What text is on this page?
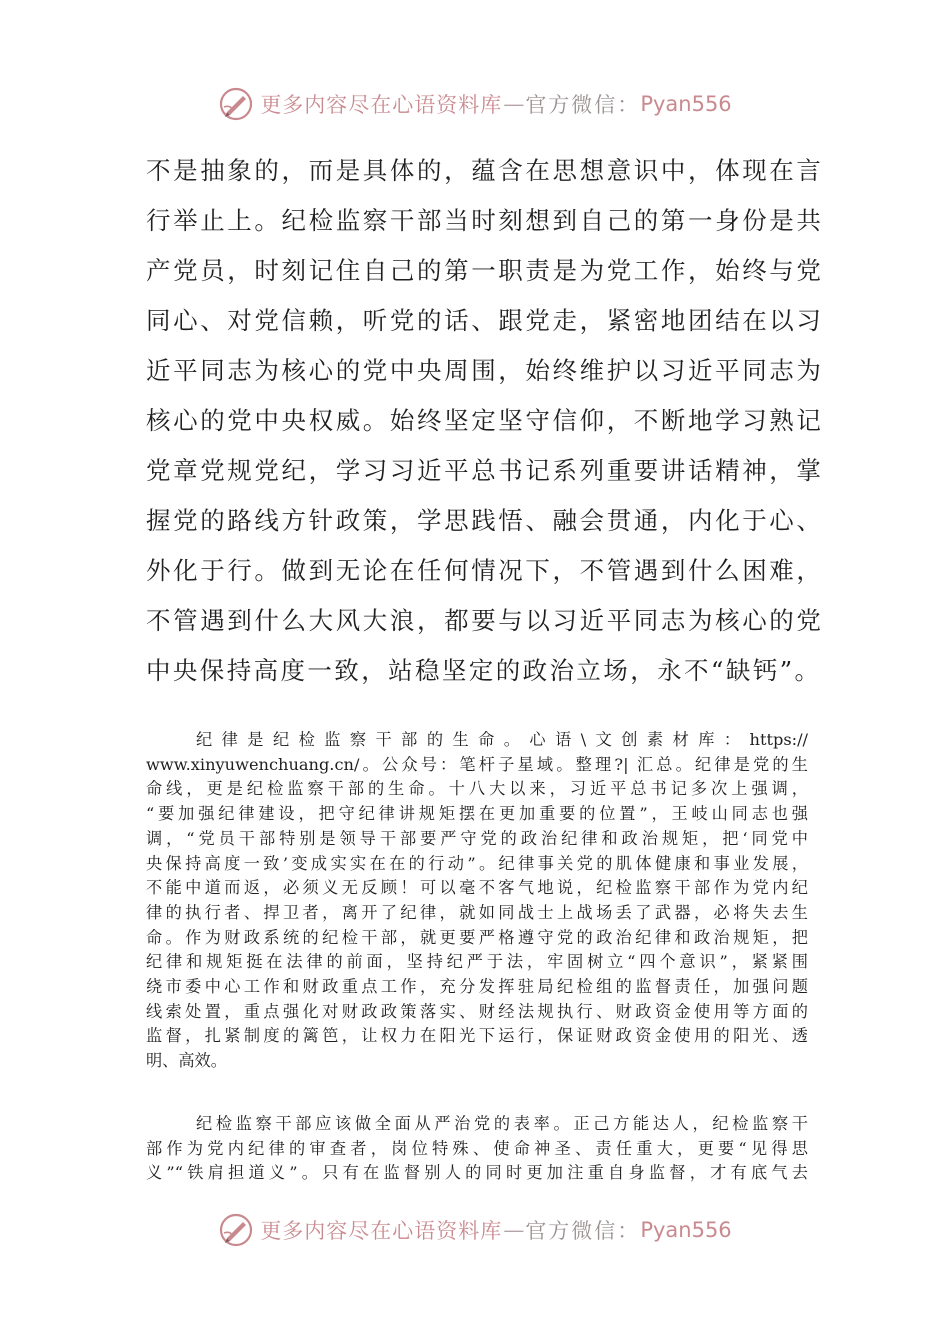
更多内容尽在心语资料库 — 官方微信： Pyan556
不是抽象的，而是具体的，蕴含在思想意识中，体现在言
行举止上。纪检监察干部当时刻想到自己的第一身份是共
产党员，时刻记住自己的第一职责是为党工作，始终与党
同心、对党信赖，听党的话、跟党走，紧密地团结在以习
近平同志为核心的党中央周围，始终维护以习近平同志为
核心的党中央权威。始终坚定坚守信仰，不断地学习熟记
党章党规党纪，学习习近平总书记系列重要讲话精神，掌
握党的路线方针政策，学思践悟、融会贯通，内化于心、
外化于行。做到无论在任何情况下，不管遇到什么困难，
不管遇到什么大风大浪，都要与以习近平同志为核心的党
中央保持高度一致，站稳坚定的政治立场，永不“缺钙”。
纪律是纪检监察干部的生命。心语\文创素材库：https://
www.xinyuwenchuang.cn/。公众号：笔杆子星域。整理?| 汇总。纪律是党的生
命线，更是纪检监察干部的生命。十八大以来，习近平总书记多次上强调，
“要加强纪律建设，把守纪律讲规矩摆在更加重要的位置”，王岐山同志也强
调，“党员干部特别是领导干部要严守党的政治纪律和政治规矩，把‘同党中
央保持高度一致’变成实实在在的行动”。纪律事关党的肌体健康和事业发展，
不能中道而返，必须义无反顾！可以毫不客气地说，纪检监察干部作为党内纪
律的执行者、捍卫者，离开了纪律，就如同战士上战场丢了武器，必将失去生
命。作为财政系统的纪检干部，就更要严格遵守党的政治纪律和政治规矩，把
纪律和规矩挺在法律的前面，坚持纪严于法，牢固树立“四个意识”，紧紧围
绕市委中心工作和财政重点工作，充分发挥驻局纪检组的监督责任，加强问题
线索处置，重点强化对财政政策落实、财经法规执行、财政资金使用等方面的
监督，扎紧制度的篱笆，让权力在阳光下运行，保证财政资金使用的阳光、透
明、高效。
纪检监察干部应该做全面从严治党的表率。正己方能达人，纪检监察干
部作为党内纪律的审查者，岗位特殊、使命神圣、责任重大，更要“见得思
义”“铁肩担道义”。只有在监督别人的同时更加注重自身监督，才有底气去
更多内容尽在心语资料库 — 官方微信： Pyan556
